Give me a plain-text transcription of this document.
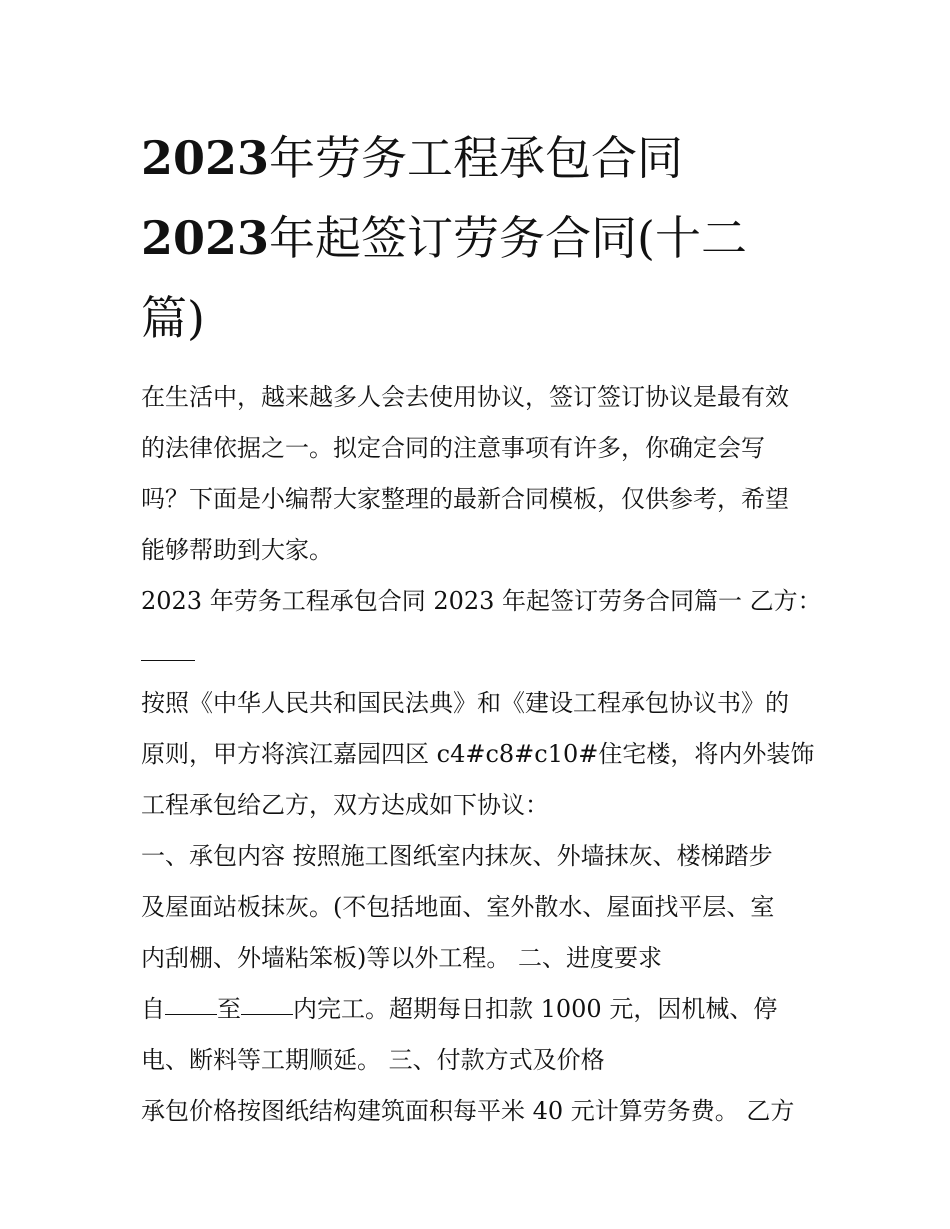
2023年劳务工程承包合同
2023年起签订劳务合同(十二
篇)

在生活中，越来越多人会去使用协议，签订签订协议是最有效
的法律依据之一。拟定合同的注意事项有许多，你确定会写
吗？下面是小编帮大家整理的最新合同模板，仅供参考，希望
能够帮助到大家。

2023 年劳务工程承包合同 2023 年起签订劳务合同篇一 乙方：

按照《中华人民共和国民法典》和《建设工程承包协议书》的
原则，甲方将滨江嘉园四区 c4#c8#c10#住宅楼，将内外装饰
工程承包给乙方，双方达成如下协议：

一、承包内容 按照施工图纸室内抹灰、外墙抹灰、楼梯踏步
及屋面站板抹灰。(不包括地面、室外散水、屋面找平层、室
内刮棚、外墙粘笨板)等以外工程。 二、进度要求

自 至 内完工。超期每日扣款 1000 元，因机械、停
电、断料等工期顺延。 三、付款方式及价格

承包价格按图纸结构建筑面积每平米 40 元计算劳务费。 乙方
